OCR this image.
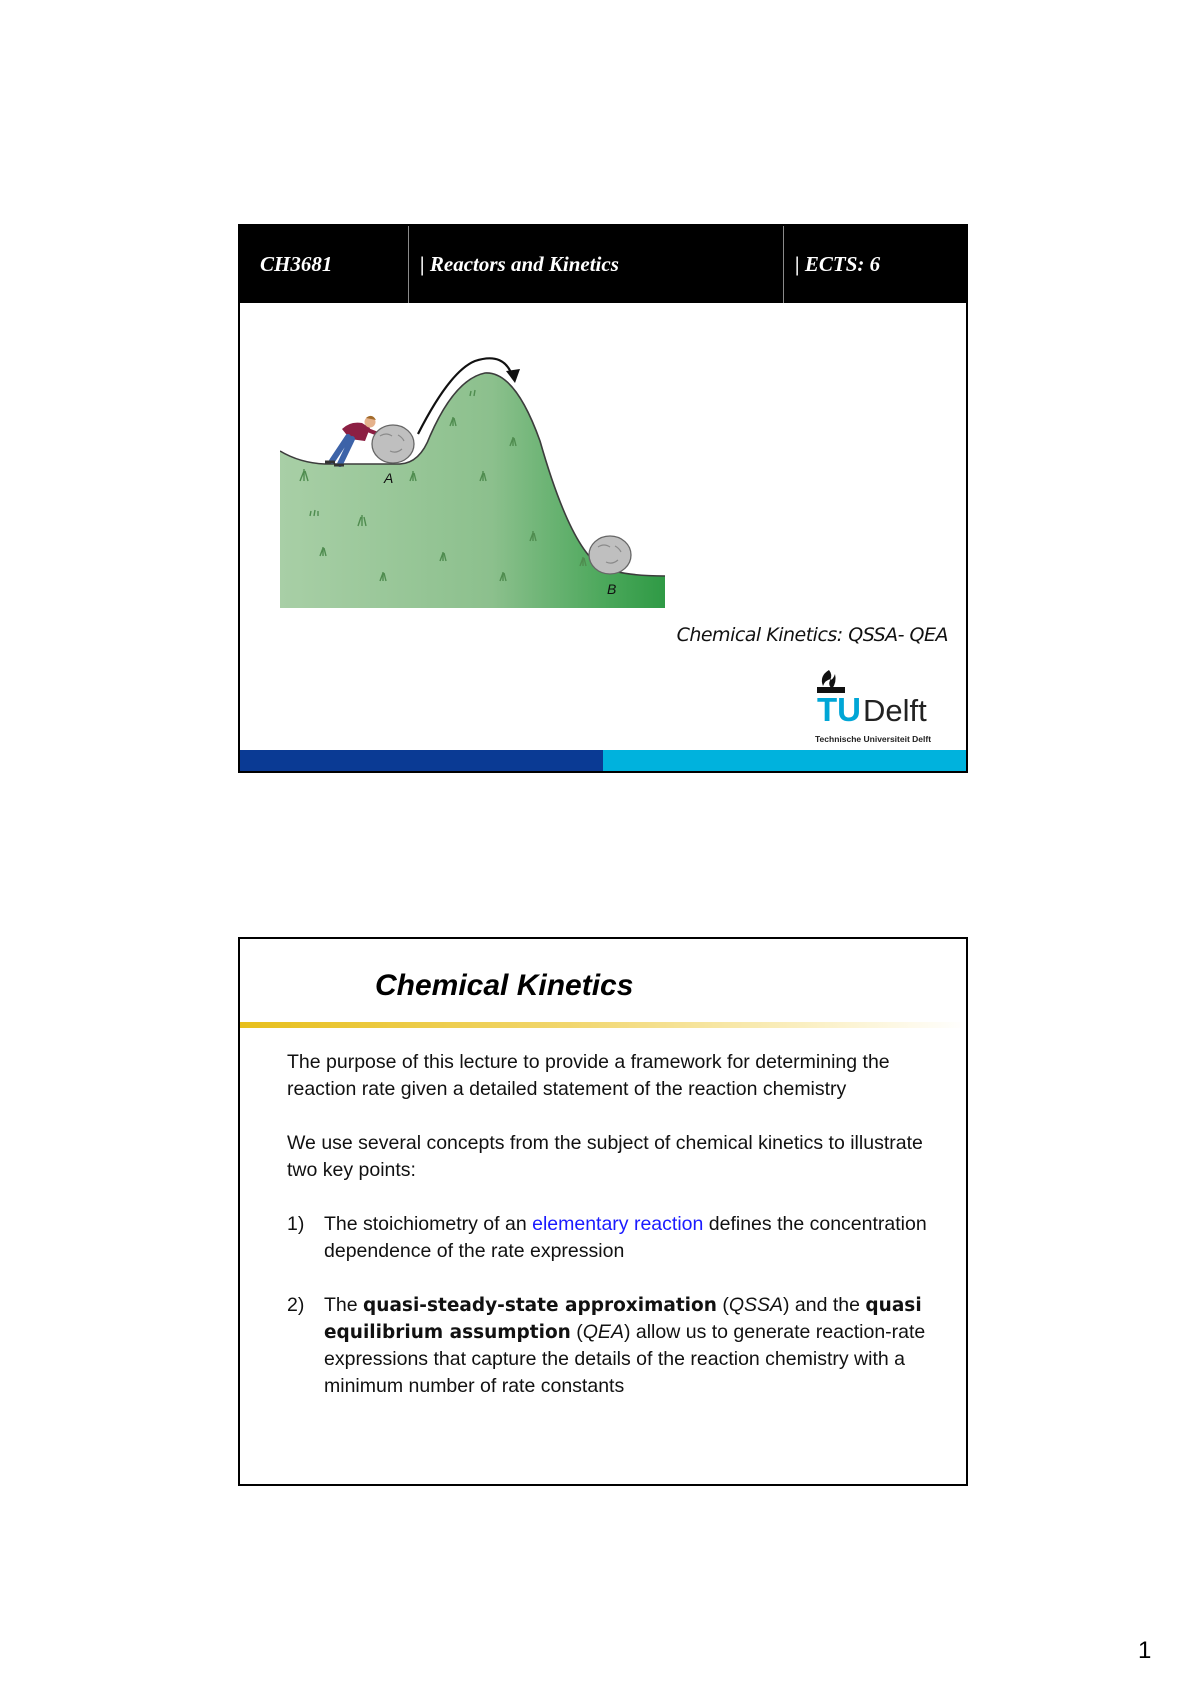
CH3681	| Reactors and Kinetics	| ECTS: 6
A
B
Chemical Kinetics: QSSA- QEA
TU Delft
Technische Universiteit Delft
Chemical Kinetics

The purpose of this lecture to provide a framework for determining the reaction rate given a detailed statement of the reaction chemistry

We use several concepts from the subject of chemical kinetics to illustrate two key points:

1) The stoichiometry of an elementary reaction defines the concentration dependence of the rate expression
2) The quasi-steady-state approximation (QSSA) and the quasi equilibrium assumption (QEA) allow us to generate reaction-rate expressions that capture the details of the reaction chemistry with a minimum number of rate constants
1
